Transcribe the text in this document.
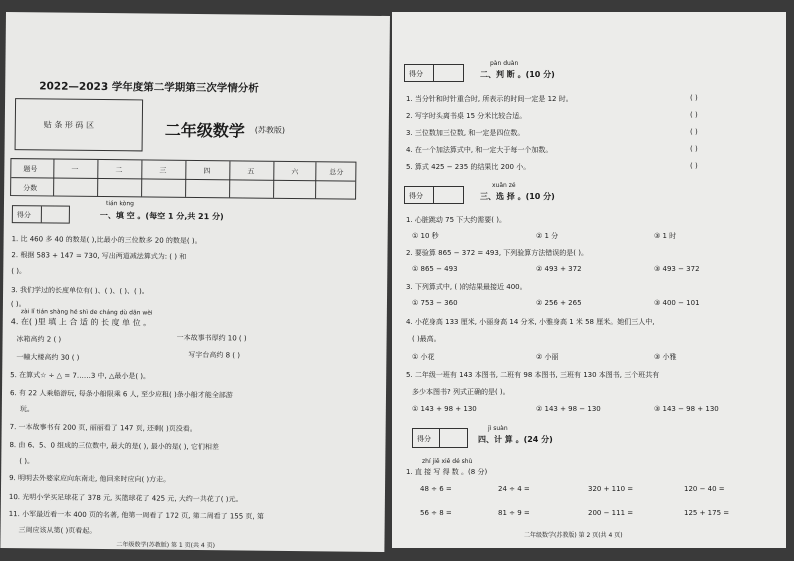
2022—2023 学年度第二学期第三次学情分析
贴 条 形 码 区	二年级数学 (苏教版)
题号	一	二	三	四	五	六	总分
分数
得分
tián kòng
一、填 空 。(每空 1 分,共 21 分)
1. 比 460 多 40 的数是( ),比最小的三位数多 20 的数是( )。
2. 根据 583 + 147 = 730, 写出两道减法算式为: ( ) 和
( )。
3. 我们学过的长度单位有( )、( )、( )、( )。
( )。
zài lǐ tián shàng hé shì de cháng dù dān wèi
4. 在( )里 填 上 合 适 的 长 度 单 位 。
冰箱高约 2 ( )	一本故事书厚约 10 ( )
一幢大楼高约 30 ( )	写字台高约 8 ( )
5. 在算式☆ ÷ △ = 7……3 中, △最小是( )。
6. 有 22 人乘船游玩, 每条小船限乘 6 人, 至少应租( )条小船才能全部游
玩。
7. 一本故事书有 200 页, 丽丽看了 147 页, 还剩( )页没看。
8. 由 6、5、0 组成的三位数中, 最大的是( ), 最小的是( ), 它们相差
( )。
9. 明明去外婆家应向东南走, 他回来时应向( )方走。
10. 光明小学买足球花了 378 元, 买篮球花了 425 元, 大约一共花了( )元。
11. 小军最近看一本 400 页的名著, 他第一周看了 172 页, 第二周看了 155 页, 第
三周应该从第( )页看起。
二年级数学(苏教版) 第 1 页(共 4 页)
得分
pàn duàn
二、判 断 。(10 分)
1. 当分针和时针重合时, 所表示的时间一定是 12 时。	( )
2. 写字时头离书桌 15 分米比较合适。	( )
3. 三位数加三位数, 和一定是四位数。	( )
4. 在一个加法算式中, 和一定大于每一个加数。	( )
5. 算式 425 − 235 的结果比 200 小。	( )
得分
xuǎn zé
三、选 择 。(10 分)
1. 心脏跳动 75 下大约需要( )。
① 10 秒	② 1 分	③ 1 时
2. 要验算 865 − 372 = 493, 下列验算方法错误的是( )。
① 865 − 493	② 493 + 372	③ 493 − 372
3. 下列算式中, ( )的结果最接近 400。
① 753 − 360	② 256 + 265	③ 400 − 101
4. 小花身高 133 厘米, 小丽身高 14 分米, 小雅身高 1 米 58 厘米。她们三人中,
( )最高。
① 小花	② 小丽	③ 小雅
5. 二年级一班有 143 本图书, 二班有 98 本图书, 三班有 130 本图书, 三个班共有
多少本图书? 列式正确的是( )。
① 143 + 98 + 130	② 143 + 98 − 130	③ 143 − 98 + 130
得分
jì suàn
四、计 算 。(24 分)
zhí jiē xiě dé shù
1. 直 接 写 得 数 。(8 分)
48 ÷ 6 =	24 ÷ 4 =	320 + 110 =	120 − 40 =
56 ÷ 8 =	81 ÷ 9 =	200 − 111 =	125 + 175 =
二年级数学(苏教版) 第 2 页(共 4 页)
